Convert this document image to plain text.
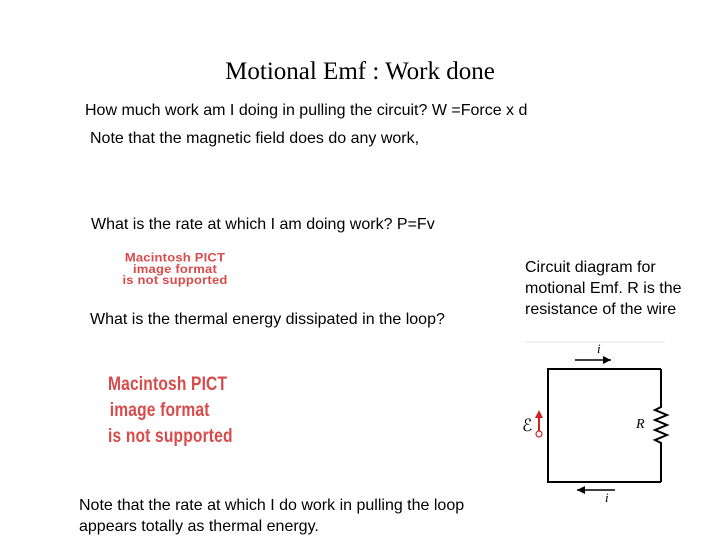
Motional Emf : Work done
How much work am I doing in pulling the circuit? W =Force x d
Note that the magnetic field does do any work,
What is the rate at which I am doing work? P=Fv
Macintosh PICT
image format
is not supported
What is the thermal energy dissipated in the loop?
Macintosh PICT
image format
is not supported
Note that the rate at which I do work in pulling the loop
appears totally as thermal energy.
Circuit diagram for
motional Emf. R is the
resistance of the wire
i
i
R
ℰ
